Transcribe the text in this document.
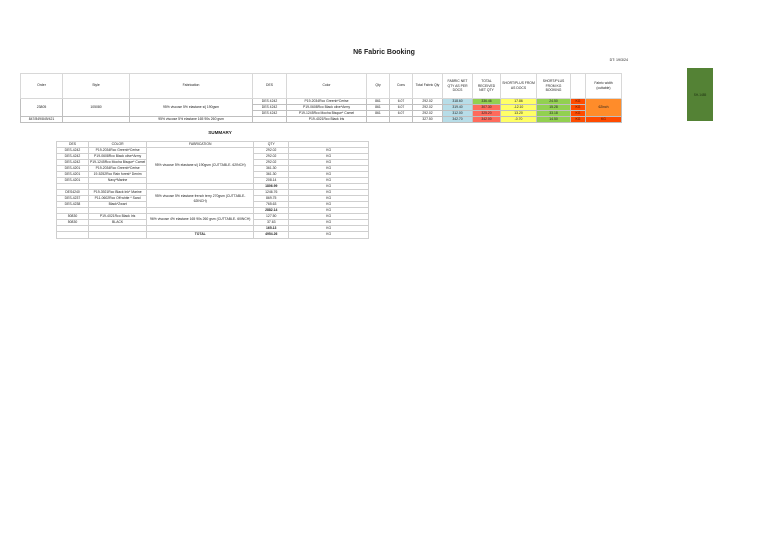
N6 Fabric Booking
DT: 19/3/24
Order	Style	Fabrication	DES	Color	Qty	Cons	Total Fabric Qty	FABRIC NET QTY AS PER DOCS	TOTAL RECEIVED NET QTY	SHORT/PLUS FROM AS DOCS	SHORT/PLUS FROM KG BOOKING		Fabric width (cuttable)
23805	105080	95% viscose 5% elastane s/j 190gsm	DES 4242	P19-2034Rco Greenb*Cerise	861	6.07	292.02	318.60	336.46	17.86	24.50	KG	62inch
			DES 4242	P19-0608Rco Black olive*Army	861	6.07	292.02	319.40	307.30	-12.10	15.28	KG	
			DES 4242	P19-1245Rco Mocha Bisque* Camel	861	6.07	292.02	312.00	325.20	13.20	33.18	KG	
847/849/849/421		95% viscose 5% elastane 165 90s 260 gsm		P19-4021Rco Black Iris			327.50	342.70	342.00	-0.70	14.50	KG	KG
SH-1485
SUMMARY
DES	COLOR	FABRICATION	QTY	
DES-4242	P19-2034Rco Greenb*Cerise	95% viscose 5% elastane s/j 190gsm (CUTTABLE- 62INCH)	292.02	KG
DES-4242	P19-0608Rco Black olive*Army		292.02	KG
DES-4242	P19-1245Rco Mocha Bisque* Camel		292.02	KG
DES-4201	P19-2034Rco Greenb*Cerise		361.30	KG
DES-4201	19-5252Rco Rain forest* Denim		361.30	KG
DES-4201	Navy*Marine		208.14	KG
			1806.99	KG
DES4240	P19-3921Rco Black Ink* Marine	95% viscose 5% elastane french terry 270gsm (CUTTABLE- 62INCH)	1246.76	KG
DES-4237	P11-0602Rco Off white * Sand		869.75	KG
DES-4238	Black*Zwart		765.63	KG
			2882.14	KG
50830	P19-4021Rco Black Iris	96% viscose 4% elastane 165 90s 260 gsm (CUTTABLE- 60INCH)	127.50	KG
50830	BLACK		37.63	KG
			165.13	KG
		TOTAL	4954.26	KG
